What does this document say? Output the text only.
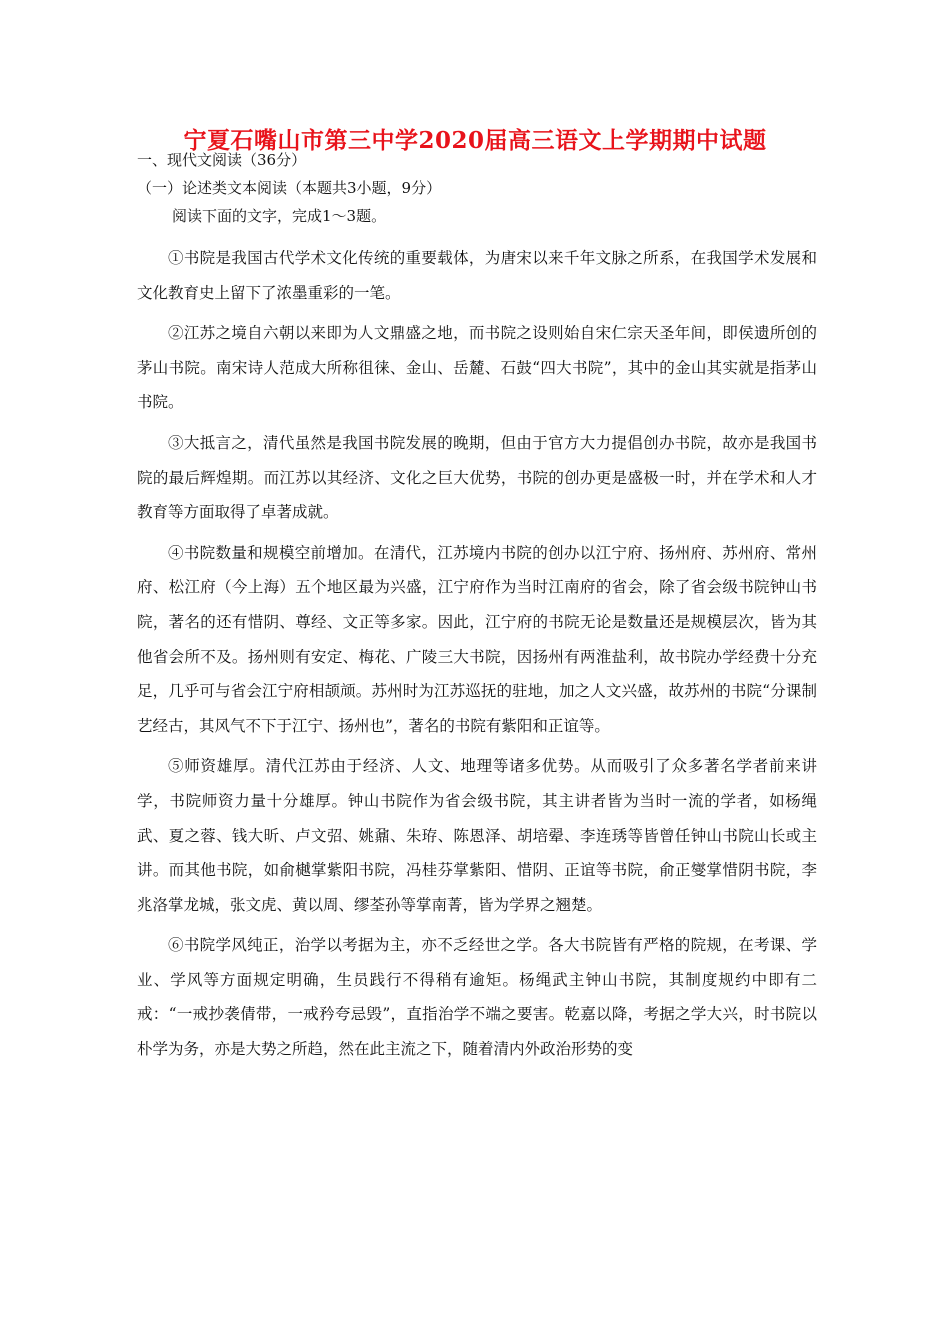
宁夏石嘴山市第三中学2020届高三语文上学期期中试题
一、现代文阅读（36分）
（一）论述类文本阅读（本题共3小题，9分）
阅读下面的文字，完成1～3题。

①书院是我国古代学术文化传统的重要载体，为唐宋以来千年文脉之所系，在我国学术发展和文化教育史上留下了浓墨重彩的一笔。

②江苏之境自六朝以来即为人文鼎盛之地，而书院之设则始自宋仁宗天圣年间，即侯遗所创的茅山书院。南宋诗人范成大所称徂徕、金山、岳麓、石鼓“四大书院”，其中的金山其实就是指茅山书院。

③大抵言之，清代虽然是我国书院发展的晚期，但由于官方大力提倡创办书院，故亦是我国书院的最后辉煌期。而江苏以其经济、文化之巨大优势，书院的创办更是盛极一时，并在学术和人才教育等方面取得了卓著成就。

④书院数量和规模空前增加。在清代，江苏境内书院的创办以江宁府、扬州府、苏州府、常州府、松江府（今上海）五个地区最为兴盛，江宁府作为当时江南府的省会，除了省会级书院钟山书院，著名的还有惜阴、尊经、文正等多家。因此，江宁府的书院无论是数量还是规模层次，皆为其他省会所不及。扬州则有安定、梅花、广陵三大书院，因扬州有两淮盐利，故书院办学经费十分充足，几乎可与省会江宁府相颉颃。苏州时为江苏巡抚的驻地，加之人文兴盛，故苏州的书院“分课制艺经古，其风气不下于江宁、扬州也”，著名的书院有紫阳和正谊等。

⑤师资雄厚。清代江苏由于经济、人文、地理等诸多优势。从而吸引了众多著名学者前来讲学，书院师资力量十分雄厚。钟山书院作为省会级书院，其主讲者皆为当时一流的学者，如杨绳武、夏之蓉、钱大昕、卢文弨、姚鼐、朱珔、陈恩泽、胡培翚、李连琇等皆曾任钟山书院山长或主讲。而其他书院，如俞樾掌紫阳书院，冯桂芬掌紫阳、惜阴、正谊等书院，俞正燮掌惜阴书院，李兆洛掌龙城，张文虎、黄以周、缪荃孙等掌南菁，皆为学界之翘楚。

⑥书院学风纯正，治学以考据为主，亦不乏经世之学。各大书院皆有严格的院规，在考课、学业、学风等方面规定明确，生员践行不得稍有逾矩。杨绳武主钟山书院，其制度规约中即有二戒：“一戒抄袭倩带，一戒矜夸忌毁”，直指治学不端之要害。乾嘉以降，考据之学大兴，时书院以朴学为务，亦是大势之所趋，然在此主流之下，随着清内外政治形势的变
